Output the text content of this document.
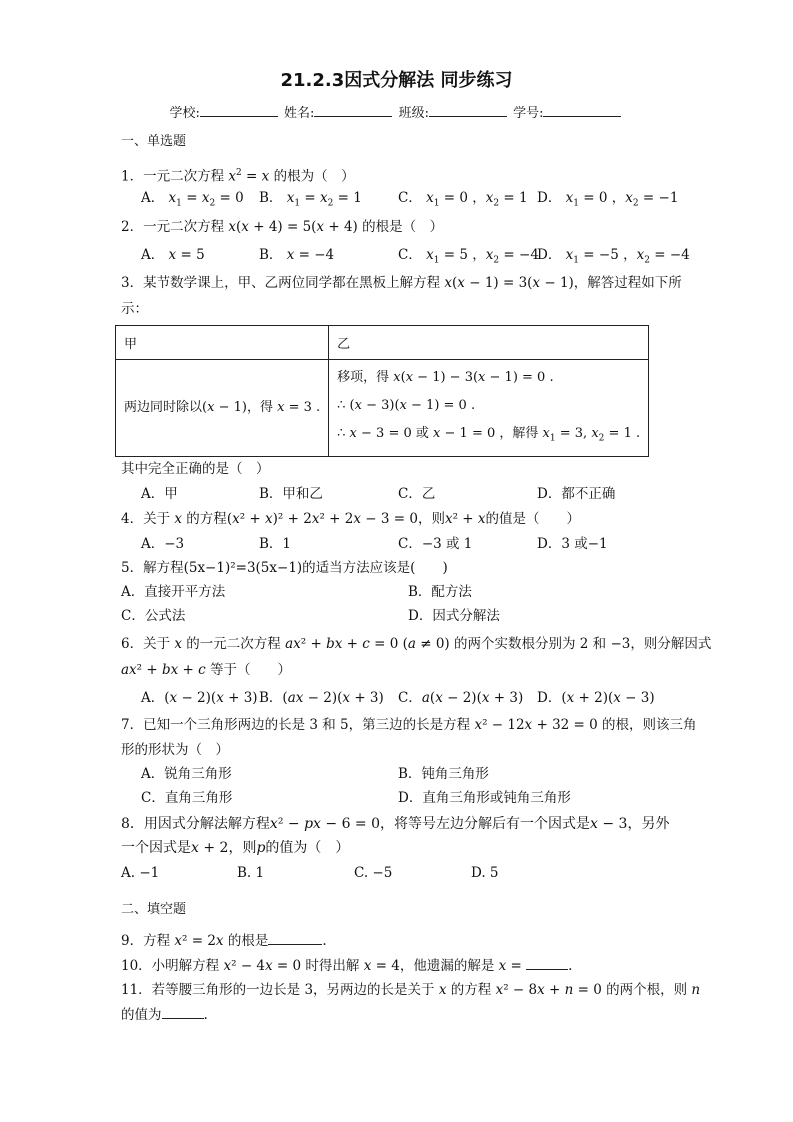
21.2.3因式分解法 同步练习
学校:	姓名:	班级:	学号:
一、单选题
1．一元二次方程 $x^2 = x$ 的根为（　）
A． $x_1 = x_2 = 0$ B． $x_1 = x_2 = 1$	C． $x_1 = 0$ ，$x_2 = 1$ D． $x_1 = 0$ ，$x_2 = -1$
2．一元二次方程 x(x + 4) = 5(x + 4) 的根是（　）
A． x = 5	B． x = −4	C． $x_1 = 5$ ，$x_2 = -4$
D． $x_1 = -5$ ，$x_2 = -4$
3．某节数学课上，甲、乙两位同学都在黑板上解方程 x(x − 1) = 3(x − 1)，解答过程如下所
示：
甲	乙

两边同时除以(x − 1)，得 x = 3 .	移项，得 x(x − 1) − 3(x − 1) = 0 .
∴ (x − 3)(x − 1) = 0 .
∴ x − 3 = 0 或 x − 1 = 0 ，解得 $x_1 = 3$, $x_2 = 1$ .
其中完全正确的是（　）
A．甲	B．甲和乙	C．乙	D．都不正确
4．关于 x 的方程(x² + x)² + 2x² + 2x − 3 = 0，则x² + x的值是（　　）
A．−3	B．1	C．−3 或 1	D．3 或−1
5．解方程(5x−1)²=3(5x−1)的适当方法应该是(　　)
A．直接开平方法	B．配方法
C．公式法	D．因式分解法
6．关于 x 的一元二次方程 ax² + bx + c = 0 (a ≠ 0) 的两个实数根分别为 2 和 −3，则分解因式
ax² + bx + c 等于（　　）
A．(x − 2)(x + 3) B．(ax − 2)(x + 3) C．a(x − 2)(x + 3) D．(x + 2)(x − 3)
7．已知一个三角形两边的长是 3 和 5，第三边的长是方程 x² − 12x + 32 = 0 的根，则该三角
形的形状为（　）
A．锐角三角形	B．钝角三角形
C．直角三角形	D．直角三角形或钝角三角形
8．用因式分解法解方程x² − px − 6 = 0，将等号左边分解后有一个因式是x − 3，另外
一个因式是x + 2，则p的值为（　）
A. −1	B. 1	C. −5	D. 5
二、填空题
9．方程 x² = 2x 的根是	.
10．小明解方程 x² − 4x = 0 时得出解 x = 4，他遗漏的解是 x =	.
11．若等腰三角形的一边长是 3，另两边的长是关于 x 的方程 x² − 8x + n = 0 的两个根，则 n
的值为	.
